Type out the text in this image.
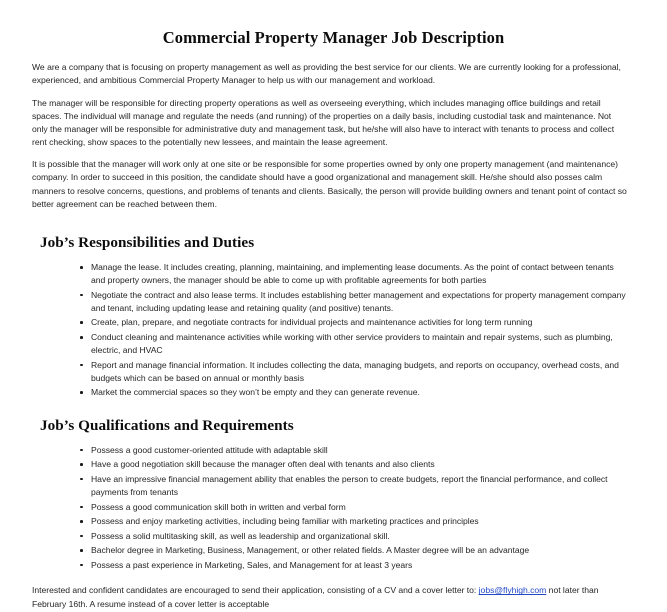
Commercial Property Manager Job Description

We are a company that is focusing on property management as well as providing the best service for our clients. We are currently looking for a professional, experienced, and ambitious Commercial Property Manager to help us with our management and workload.

The manager will be responsible for directing property operations as well as overseeing everything, which includes managing office buildings and retail spaces. The individual will manage and regulate the needs (and running) of the properties on a daily basis, including custodial task and maintenance. Not only the manager will be responsible for administrative duty and management task, but he/she will also have to interact with tenants to process and collect rent checking, show spaces to the potentially new lessees, and maintain the lease agreement.

It is possible that the manager will work only at one site or be responsible for some properties owned by only one property management (and maintenance) company. In order to succeed in this position, the candidate should have a good organizational and management skill. He/she should also posses calm manners to resolve concerns, questions, and problems of tenants and clients. Basically, the person will provide building owners and tenant point of contact so better agreement can be reached between them.

Job’s Responsibilities and Duties
Manage the lease. It includes creating, planning, maintaining, and implementing lease documents. As the point of contact between tenants and property owners, the manager should be able to come up with profitable agreements for both parties
Negotiate the contract and also lease terms. It includes establishing better management and expectations for property management company and tenant, including updating lease and retaining quality (and positive) tenants.
Create, plan, prepare, and negotiate contracts for individual projects and maintenance activities for long term running
Conduct cleaning and maintenance activities while working with other service providers to maintain and repair systems, such as plumbing, electric, and HVAC
Report and manage financial information. It includes collecting the data, managing budgets, and reports on occupancy, overhead costs, and budgets which can be based on annual or monthly basis
Market the commercial spaces so they won’t be empty and they can generate revenue.
Job’s Qualifications and Requirements
Possess a good customer-oriented attitude with adaptable skill
Have a good negotiation skill because the manager often deal with tenants and also clients
Have an impressive financial management ability that enables the person to create budgets, report the financial performance, and collect payments from tenants
Possess a good communication skill both in written and verbal form
Possess and enjoy marketing activities, including being familiar with marketing practices and principles
Possess a solid multitasking skill, as well as leadership and organizational skill.
Bachelor degree in Marketing, Business, Management, or other related fields. A Master degree will be an advantage
Possess a past experience in Marketing, Sales, and Management for at least 3 years

Interested and confident candidates are encouraged to send their application, consisting of a CV and a cover letter to: jobs@flyhigh.com not later than February 16th. A resume instead of a cover letter is acceptable
